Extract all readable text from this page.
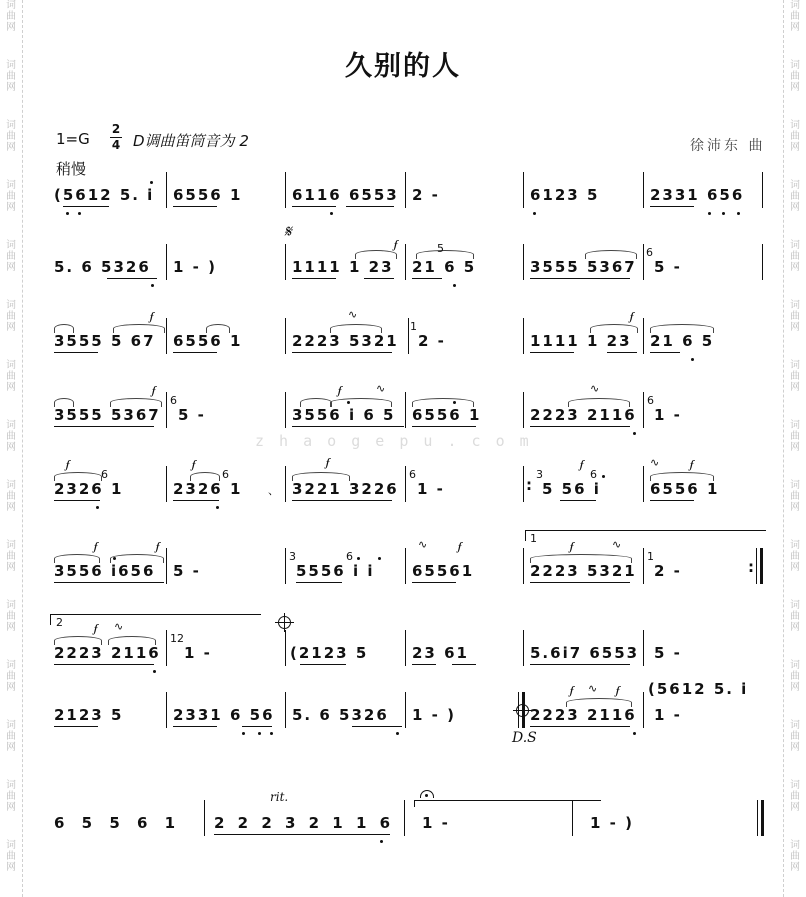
词
曲
网
词
曲
网
词
曲
网
词
曲
网
词
曲
网
词
曲
网
词
曲
网
词
曲
网
词
曲
网
词
曲
网
词
曲
网
词
曲
网
词
曲
网
词
曲
网
词
曲
网
词
曲
网
词
曲
网
词
曲
网
词
曲
网
词
曲
网
词
曲
网
词
曲
网
词
曲
网
词
曲
网
词
曲
网
词
曲
网
词
曲
网
词
曲
网
词
曲
网
词
曲
网
z h a o g e p u . c o m
久别的人
1=G
2
4 D调曲笛筒音为 2	徐沛东 曲
稍慢
(5612 5. i 6556 1	6116 6553 2 -	6123 5	2331 656
5. 6 5326 1 - )
𝄋
1111 1 23 21 6 5	3555 5367 5 -
𝆑	5	6
3555 5 67 6556 1	2223 5321
1
2 -	1111 1 23 21 6 5
𝆑	∿	𝆑
3555 5367
6
5 -	3556 i 6 5 6556 1	2223 2116
6
1 -
𝆑	𝆑	∿	∿
2326 1	2326 1 、 3221 3226
6
1 -	:
3
5 56 i	6556 1
𝆑
6
𝆑
6
𝆑	𝆑
6
∿	𝆑
3556 i656 5 -
3
5556 i i	65561
1
2223 5321
1
2 -	:
𝆑	𝆑
6
∿	𝆑	𝆑	∿
2
2223 2116
12
1 -	(2123 5	23 61	5.6i7 6553 5 -
𝆑 ∿
2123 5	2331 6 56 5. 6 5326 1 - )	2223 2116
D.S
1 -
(5612 5. i
𝆑 ∿ 𝆑
6 5 5 6 1
rit.
2 2 2 3 2 1 1 6 1 -	1 - )
